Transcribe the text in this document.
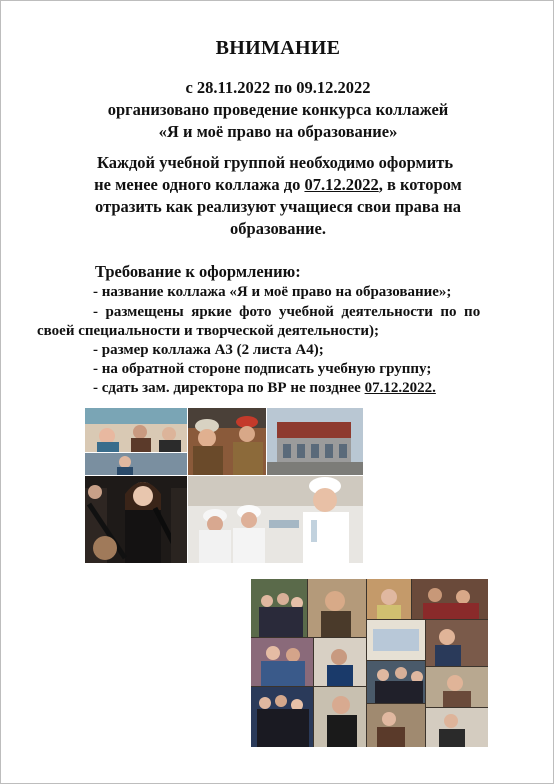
ВНИМАНИЕ
с 28.11.2022 по 09.12.2022
организовано проведение конкурса коллажей
«Я и моё право на образование»
Каждой учебной группой необходимо оформить
не менее одного коллажа до 07.12.2022, в котором
отразить как реализуют учащиеся свои права на
образование.
Требование к оформлению:
- название коллажа «Я и моё право на образование»;
-  размещены  яркие  фото  учебной  деятельности  по  по
своей специальности и творческой деятельности);
- размер коллажа А3 (2 листа А4);
- на обратной стороне подписать учебную группу;
- сдать зам. директора по ВР не позднее 07.12.2022.
